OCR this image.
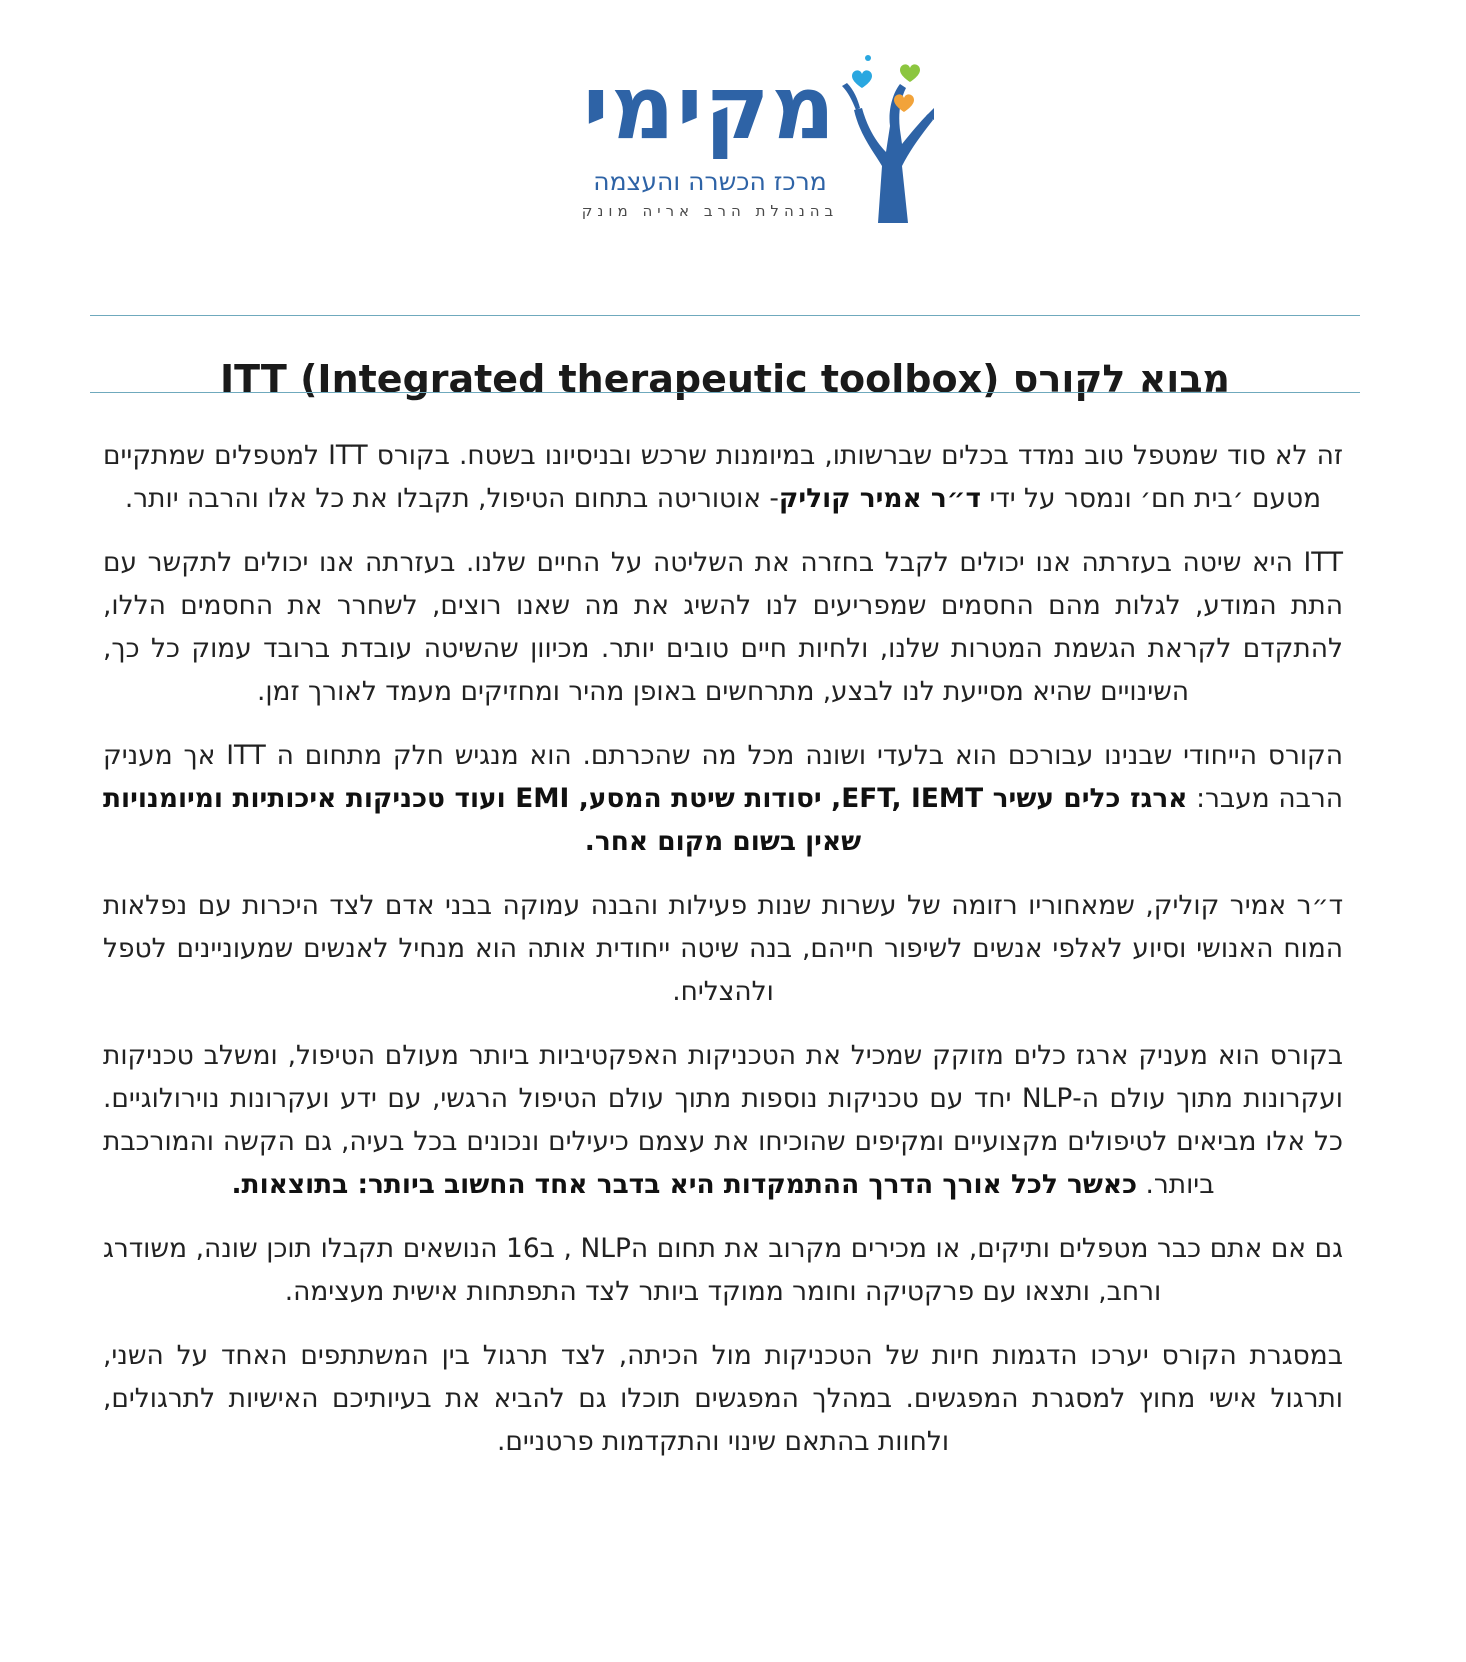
מקימי
מרכז הכשרה והעצמה
בהנהלת הרב אריה מונק
מבוא לקורס ITT (Integrated therapeutic toolbox)

זה לא סוד שמטפל טוב נמדד בכלים שברשותו, במיומנות שרכש ובניסיונו בשטח. בקורס ITT למטפלים שמתקיים מטעם ׳בית חם׳ ונמסר על ידי ד״ר אמיר קוליק- אוטוריטה בתחום הטיפול, תקבלו את כל אלו והרבה יותר.

ITT היא שיטה בעזרתה אנו יכולים לקבל בחזרה את השליטה על החיים שלנו. בעזרתה אנו יכולים לתקשר עם התת המודע, לגלות מהם החסמים שמפריעים לנו להשיג את מה שאנו רוצים, לשחרר את החסמים הללו, להתקדם לקראת הגשמת המטרות שלנו, ולחיות חיים טובים יותר. מכיוון שהשיטה עובדת ברובד עמוק כל כך, השינויים שהיא מסייעת לנו לבצע, מתרחשים באופן מהיר ומחזיקים מעמד לאורך זמן.

הקורס הייחודי שבנינו עבורכם הוא בלעדי ושונה מכל מה שהכרתם. הוא מנגיש חלק מתחום ה ITT אך מעניק הרבה מעבר: ארגז כלים עשיר EFT, IEMT, יסודות שיטת המסע, EMI ועוד טכניקות איכותיות ומיומנויות שאין בשום מקום אחר.

ד״ר אמיר קוליק, שמאחוריו רזומה של עשרות שנות פעילות והבנה עמוקה בבני אדם לצד היכרות עם נפלאות המוח האנושי וסיוע לאלפי אנשים לשיפור חייהם, בנה שיטה ייחודית אותה הוא מנחיל לאנשים שמעוניינים לטפל ולהצליח.

בקורס הוא מעניק ארגז כלים מזוקק שמכיל את הטכניקות האפקטיביות ביותר מעולם הטיפול, ומשלב טכניקות ועקרונות מתוך עולם ה-NLP יחד עם טכניקות נוספות מתוך עולם הטיפול הרגשי, עם ידע ועקרונות נוירולוגיים. כל אלו מביאים לטיפולים מקצועיים ומקיפים שהוכיחו את עצמם כיעילים ונכונים בכל בעיה, גם הקשה והמורכבת ביותר. כאשר לכל אורך הדרך ההתמקדות היא בדבר אחד החשוב ביותר: בתוצאות.

גם אם אתם כבר מטפלים ותיקים, או מכירים מקרוב את תחום הNLP , ב16 הנושאים תקבלו תוכן שונה, משודרג ורחב, ותצאו עם פרקטיקה וחומר ממוקד ביותר לצד התפתחות אישית מעצימה.

במסגרת הקורס יערכו הדגמות חיות של הטכניקות מול הכיתה, לצד תרגול בין המשתתפים האחד על השני, ותרגול אישי מחוץ למסגרת המפגשים. במהלך המפגשים תוכלו גם להביא את בעיותיכם האישיות לתרגולים, ולחוות בהתאם שינוי והתקדמות פרטניים.
